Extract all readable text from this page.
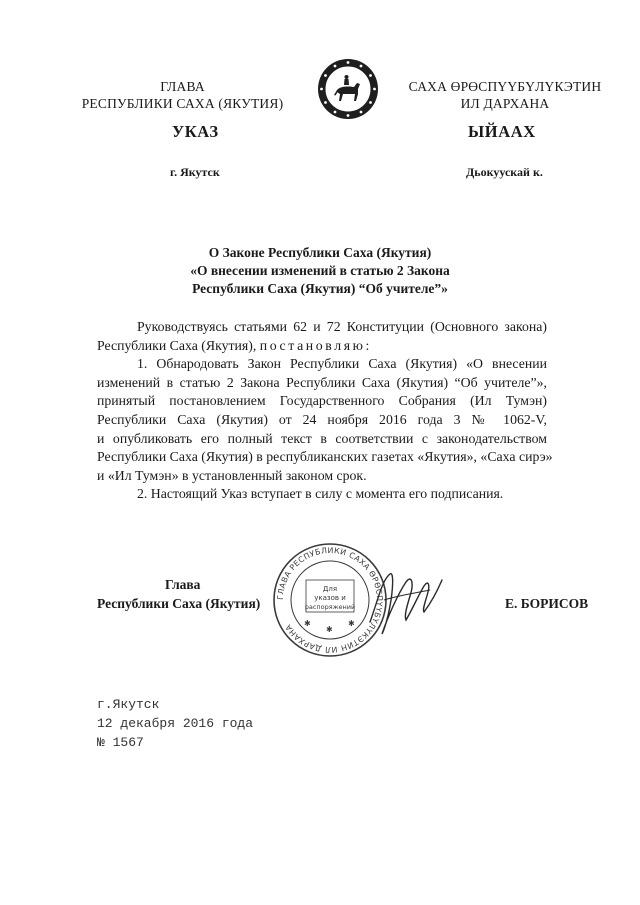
ГЛАВА
РЕСПУБЛИКИ САХА (ЯКУТИЯ)
САХА ӨРӨСПҮҮБҮЛҮКЭТИН
ИЛ ДАРХАНА
УКАЗ	ЫЙААХ
г. Якутск	Дьокуускай к.
О Законе Республики Саха (Якутия)
«О внесении изменений в статью 2 Закона
Республики Саха (Якутия) “Об учителе”»

Руководствуясь статьями 62 и 72 Конституции (Основного закона)

Республики Саха (Якутия), постановляю:

1. Обнародовать Закон Республики Саха (Якутия) «О внесении

изменений в статью 2 Закона Республики Саха (Якутия) “Об учителе”»,

принятый постановлением Государственного Собрания (Ил Тумэн)

Республики Саха (Якутия) от 24 ноября 2016 года 3 № 1062-V,

и опубликовать его полный текст в соответствии с законодательством

Республики Саха (Якутия) в республиканских газетах «Якутия», «Саха сирэ»

и «Ил Тумэн» в установленный законом срок.

2. Настоящий Указ вступает в силу с момента его подписания.

ГЛАВА РЕСПУБЛИКИ САХА ӨРӨСПҮҮБҮЛҮКЭТИН ИЛ ДАРХАНА
Для
указов и
распоряжений
✱
✱
✱
Глава
Республики Саха (Якутия)	Е. БОРИСОВ
г.Якутск
12 декабря 2016 года
№ 1567
